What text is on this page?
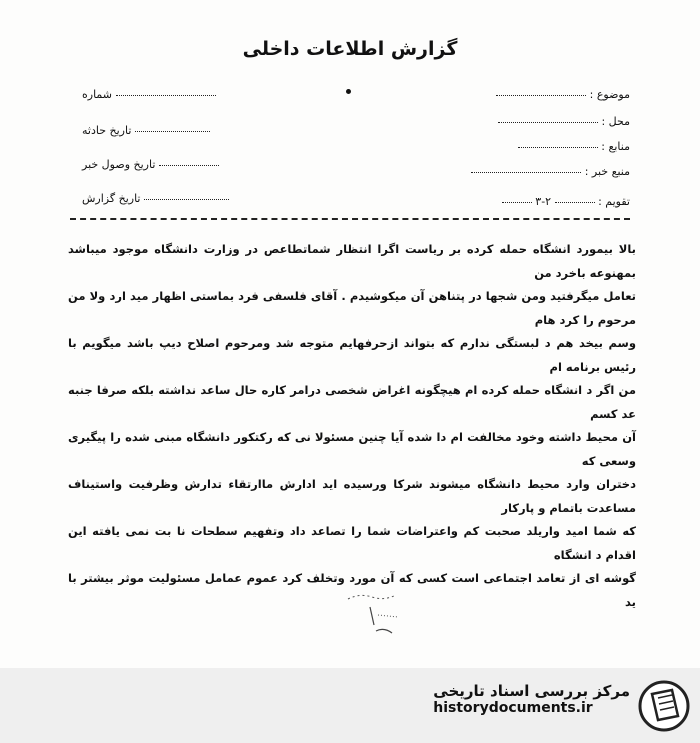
گزارش اطلاعات داخلی
موضوع :
محل :
منابع :
منبع خبر :
تقویم :  ۲-۳
شماره
تاریخ حادثه
تاریخ وصول خبر
تاریخ گزارش

بالا بیمورد انشگاه حمله کرده بر ریاست اگرا انتظار شماتطاعص در وزارت دانشگاه موجود میباشد بمهنوعه باخرد من

تعامل میگرفتید ومن شجها در پتناهن آن میکوشیدم . آقای فلسفی فرد بماستی اظهار مید ارد ولا من مرحوم را کرد هام

وسم بیخد هم د لبستگی ندارم که بتواند ازحرفهایم متوجه شد ومرحوم اصلاح دیپ باشد میگویم با رئیس برنامه ام

من اگر د انشگاه حمله کرده ام هیچگونه اغراض شخصی درامر کاره حال ساعد نداشته بلکه صرفا جنبه عد کسم

آن محیط داشته وخود مخالفت ام دا شده آیا چنین مسئولا نی که رکتکور دانشگاه مبنی شده را پیگیری وسعی که

دختران وارد محیط دانشگاه میشوند شرکا ورسیده اید ادارش ماارتقاء تدارش وظرفیت واستیناف مساعدت باتمام و پارکار

که شما امید واریلد صحبت کم واعتراضات شما را تصاعد داد وتفهیم سطحات نا بت نمی یافته این اقدام د انشگاه

گوشه ای از تعامد اجتماعی است کسی که آن مورد وتخلف کرد عموم عمامل مسئولیت موثر بیشتر با ید

مرکز بررسی اسناد تاریخی
historydocuments.ir
